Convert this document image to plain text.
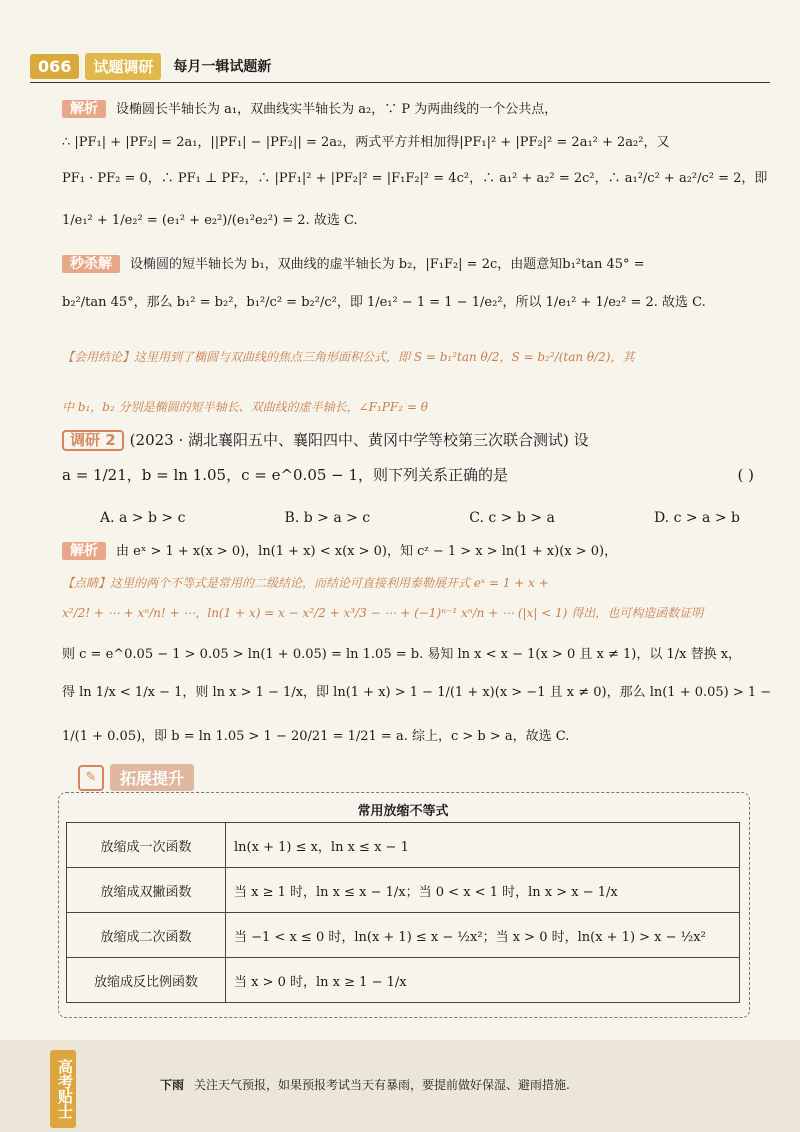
066	试题调研	每月一辑试题新
解析 设椭圆长半轴长为 a₁，双曲线实半轴长为 a₂，∵ P 为两曲线的一个公共点，
∴ |PF₁| + |PF₂| = 2a₁，||PF₁| − |PF₂|| = 2a₂，两式平方并相加得|PF₁|² + |PF₂|² = 2a₁² + 2a₂²，又
PF₁ · PF₂ = 0，∴ PF₁ ⊥ PF₂，∴ |PF₁|² + |PF₂|² = |F₁F₂|² = 4c²，∴ a₁² + a₂² = 2c²，∴ a₁²/c² + a₂²/c² = 2，即
1/e₁² + 1/e₂² = (e₁² + e₂²)/(e₁²e₂²) = 2. 故选 C.
秒杀解 设椭圆的短半轴长为 b₁，双曲线的虚半轴长为 b₂，|F₁F₂| = 2c，由题意知b₁²tan 45° =
b₂²/tan 45°，那么 b₁² = b₂²，b₁²/c² = b₂²/c²，即 1/e₁² − 1 = 1 − 1/e₂²，所以 1/e₁² + 1/e₂² = 2. 故选 C.
【会用结论】这里用到了椭圆与双曲线的焦点三角形面积公式，即 S = b₁²tan θ/2，S = b₂²/(tan θ/2)，其
中 b₁，b₂ 分别是椭圆的短半轴长、双曲线的虚半轴长，∠F₁PF₂ = θ
调研 2 (2023 · 湖北襄阳五中、襄阳四中、黄冈中学等校第三次联合测试) 设
a = 1/21，b = ln 1.05，c = e^0.05 − 1，则下列关系正确的是	( )
A. a > b > c	B. b > a > c	C. c > b > a	D. c > a > b
解析 由 eˣ > 1 + x(x > 0)，ln(1 + x) < x(x > 0)，知 cᶻ − 1 > x > ln(1 + x)(x > 0)，
【点睛】这里的两个不等式是常用的二级结论，而结论可直接利用泰勒展开式 eˣ = 1 + x +
x²/2! + ⋯ + xⁿ/n! + ⋯，ln(1 + x) = x − x²/2 + x³/3 − ⋯ + (−1)ⁿ⁻¹ xⁿ/n + ⋯ (|x| < 1) 得出，也可构造函数证明
则 c = e^0.05 − 1 > 0.05 > ln(1 + 0.05) = ln 1.05 = b. 易知 ln x < x − 1(x > 0 且 x ≠ 1)，以 1/x 替换 x，
得 ln 1/x < 1/x − 1，则 ln x > 1 − 1/x，即 ln(1 + x) > 1 − 1/(1 + x)(x > −1 且 x ≠ 0)，那么 ln(1 + 0.05) > 1 −
1/(1 + 0.05)，即 b = ln 1.05 > 1 − 20/21 = 1/21 = a. 综上，c > b > a，故选 C.
✎	拓展提升
常用放缩不等式
放缩成一次函数	ln(x + 1) ≤ x，ln x ≤ x − 1
放缩成双撇函数	当 x ≥ 1 时，ln x ≤ x − 1/x；当 0 < x < 1 时，ln x > x − 1/x
放缩成二次函数	当 −1 < x ≤ 0 时，ln(x + 1) ≤ x − ½x²；当 x > 0 时，ln(x + 1) > x − ½x²
放缩成反比例函数	当 x > 0 时，ln x ≥ 1 − 1/x
高考贴士	下雨 关注天气预报，如果预报考试当天有暴雨，要提前做好保湿、避雨措施.
